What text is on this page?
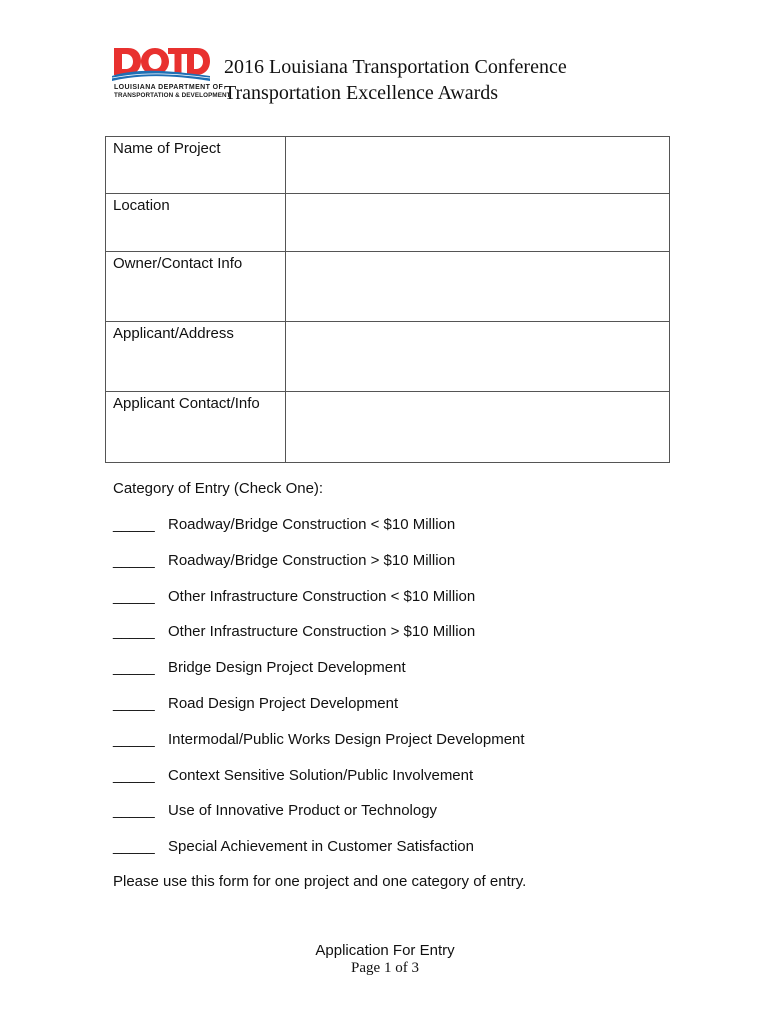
LOUISIANA DEPARTMENT OF
TRANSPORTATION & DEVELOPMENT
2016 Louisiana Transportation Conference
Transportation Excellence Awards
Name of Project	
Location	
Owner/Contact Info	
Applicant/Address	
Applicant Contact/Info	
Category of Entry (Check One):
_____ Roadway/Bridge Construction < $10 Million
_____ Roadway/Bridge Construction > $10 Million
_____ Other Infrastructure Construction < $10 Million
_____ Other Infrastructure Construction > $10 Million
_____ Bridge Design Project Development
_____ Road Design Project Development
_____ Intermodal/Public Works Design Project Development
_____ Context Sensitive Solution/Public Involvement
_____ Use of Innovative Product or Technology
_____ Special Achievement in Customer Satisfaction
Please use this form for one project and one category of entry.
Application For Entry
Page 1 of 3
